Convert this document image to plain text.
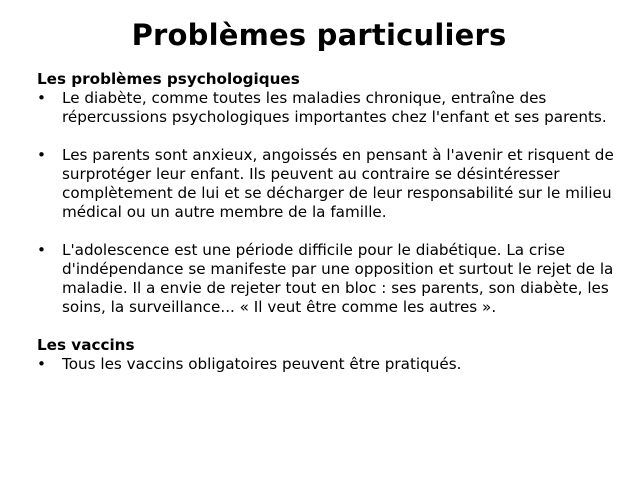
Problèmes particuliers

Les problèmes psychologiques

• Le diabète, comme toutes les maladies chronique, entraîne des répercussions psychologiques importantes chez l'enfant et ses parents.

• Les parents sont anxieux, angoissés en pensant à l'avenir et risquent de surprotéger leur enfant. Ils peuvent au contraire se désintéresser complètement de lui et se décharger de leur responsabilité sur le milieu médical ou un autre membre de la famille.

• L'adolescence est une période difficile pour le diabétique. La crise d'indépendance se manifeste par une opposition et surtout le rejet de la maladie. Il a envie de rejeter tout en bloc : ses parents, son diabète, les soins, la surveillance... « Il veut être comme les autres ».

Les vaccins

• Tous les vaccins obligatoires peuvent être pratiqués.
